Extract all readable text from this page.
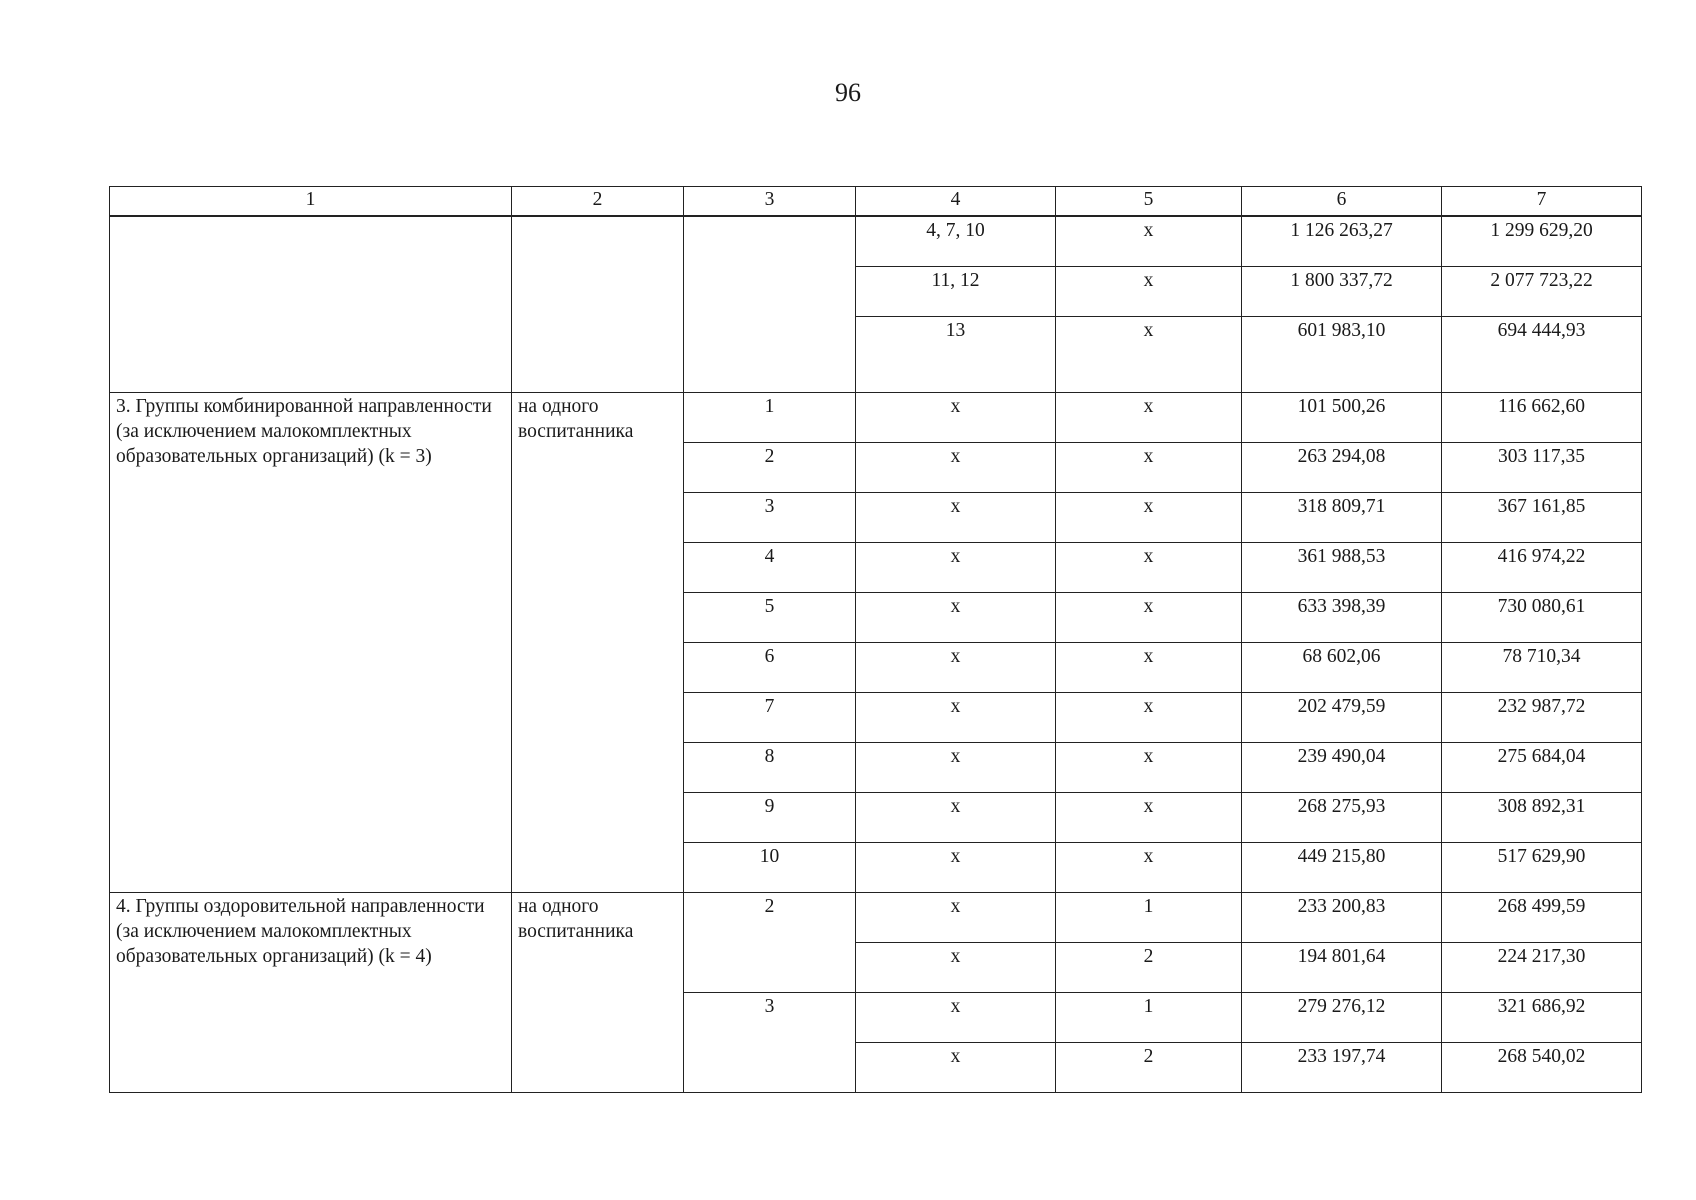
96
1	2	3	4	5	6	7
			4, 7, 10	x	1 126 263,27	1 299 629,20
			11, 12	x	1 800 337,72	2 077 723,22
			13	x	601 983,10	694 444,93
3. Группы комбинированной направленности (за исключением малокомплектных образовательных организаций) (k = 3)	на одного воспитанника	1	x	x	101 500,26	116 662,60
		2	x	x	263 294,08	303 117,35
		3	x	x	318 809,71	367 161,85
		4	x	x	361 988,53	416 974,22
		5	x	x	633 398,39	730 080,61
		6	x	x	68 602,06	78 710,34
		7	x	x	202 479,59	232 987,72
		8	x	x	239 490,04	275 684,04
		9	x	x	268 275,93	308 892,31
		10	x	x	449 215,80	517 629,90
4. Группы оздоровительной направленности (за исключением малокомплектных образовательных организаций) (k = 4)	на одного воспитанника	2	x	1	233 200,83	268 499,59
			x	2	194 801,64	224 217,30
		3	x	1	279 276,12	321 686,92
			x	2	233 197,74	268 540,02
